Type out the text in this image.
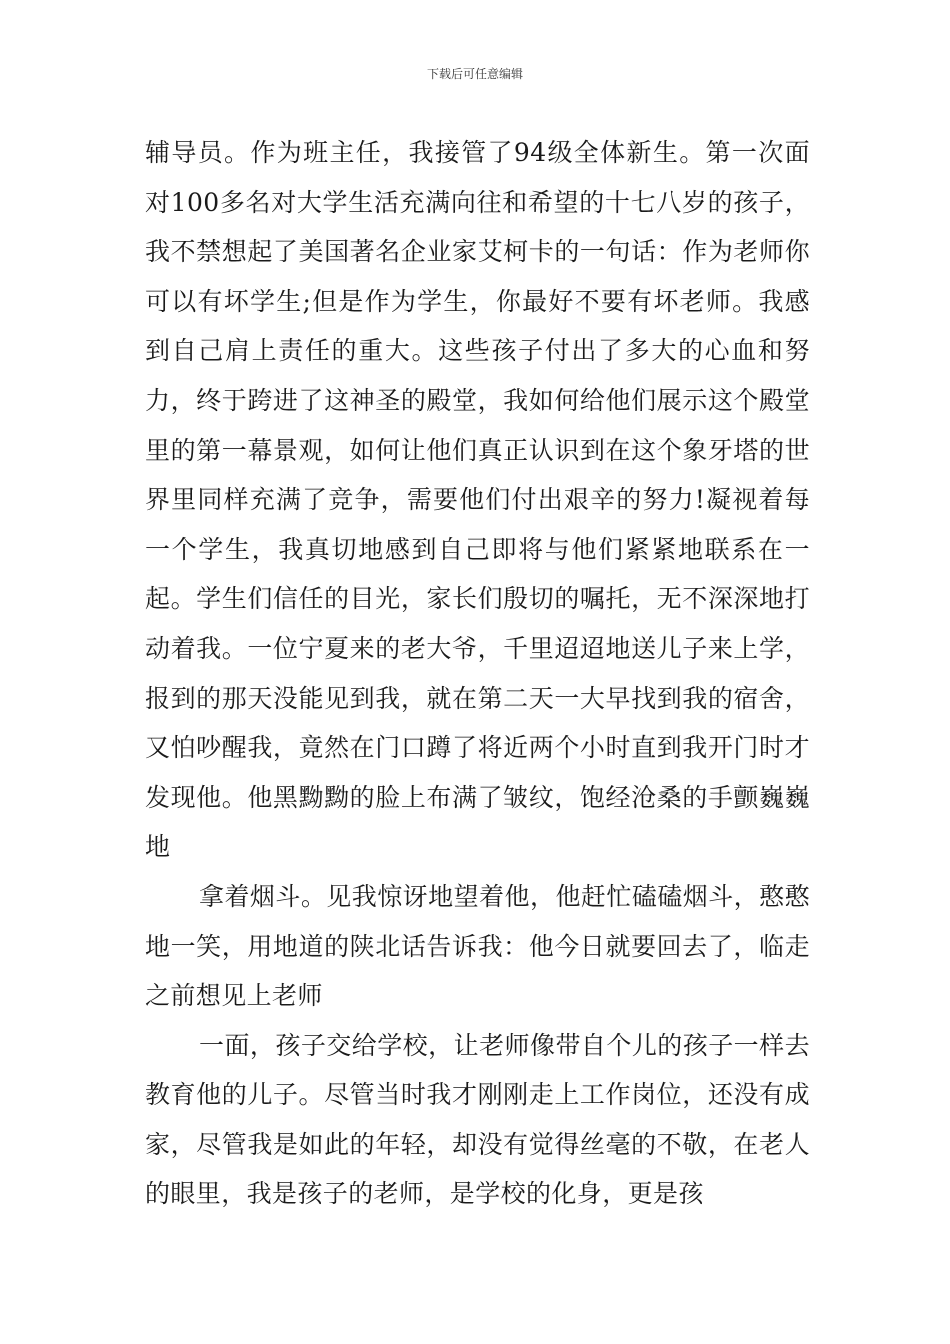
下载后可任意编辑

辅导员。作为班主任，我接管了94级全体新生。第一次面对100多名对大学生活充满向往和希望的十七八岁的孩子，我不禁想起了美国著名企业家艾柯卡的一句话：作为老师你可以有坏学生;但是作为学生，你最好不要有坏老师。我感到自己肩上责任的重大。这些孩子付出了多大的心血和努力，终于跨进了这神圣的殿堂，我如何给他们展示这个殿堂里的第一幕景观，如何让他们真正认识到在这个象牙塔的世界里同样充满了竞争，需要他们付出艰辛的努力!凝视着每一个学生，我真切地感到自己即将与他们紧紧地联系在一起。学生们信任的目光，家长们殷切的嘱托，无不深深地打动着我。一位宁夏来的老大爷，千里迢迢地送儿子来上学，报到的那天没能见到我，就在第二天一大早找到我的宿舍，又怕吵醒我，竟然在门口蹲了将近两个小时直到我开门时才发现他。他黑黝黝的脸上布满了皱纹，饱经沧桑的手颤巍巍地

拿着烟斗。见我惊讶地望着他，他赶忙磕磕烟斗，憨憨地一笑，用地道的陕北话告诉我：他今日就要回去了，临走之前想见上老师

一面，孩子交给学校，让老师像带自个儿的孩子一样去教育他的儿子。尽管当时我才刚刚走上工作岗位，还没有成家，尽管我是如此的年轻，却没有觉得丝毫的不敬，在老人的眼里，我是孩子的老师，是学校的化身，更是孩
